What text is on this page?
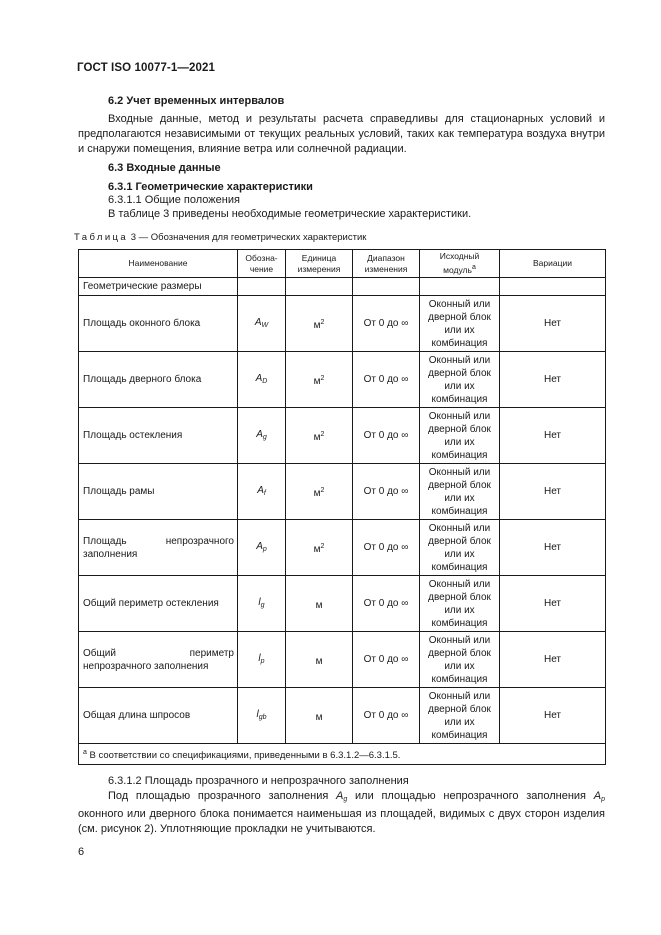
ГОСТ ISO 10077-1—2021
6.2 Учет временных интервалов
Входные данные, метод и результаты расчета справедливы для стационарных условий и предполагаются независимыми от текущих реальных условий, таких как температура воздуха внутри и снаружи помещения, влияние ветра или солнечной радиации.
6.3 Входные данные
6.3.1 Геометрические характеристики
6.3.1.1 Общие положения
В таблице 3 приведены необходимые геометрические характеристики.
Таблица 3 — Обозначения для геометрических характеристик
Наименование	Обозна-чение	Единица измерения	Диапазон изменения	Исходный модуль$^a$	Вариации
Геометрические размеры					
Площадь оконного блока	$A_W$	$м^2$	От 0 до ∞	Оконный или дверной блок или их комбинация	Нет
Площадь дверного блока	$A_D$	$м^2$	От 0 до ∞	Оконный или дверной блок или их комбинация	Нет
Площадь остекления	$A_g$	$м^2$	От 0 до ∞	Оконный или дверной блок или их комбинация	Нет
Площадь рамы	$A_f$	$м^2$	От 0 до ∞	Оконный или дверной блок или их комбинация	Нет
Площадь непрозрачного заполнения	$A_p$	$м^2$	От 0 до ∞	Оконный или дверной блок или их комбинация	Нет
Общий периметр остекления	$l_g$	м	От 0 до ∞	Оконный или дверной блок или их комбинация	Нет
Общий периметр непрозрачного заполнения	$l_p$	м	От 0 до ∞	Оконный или дверной блок или их комбинация	Нет
Общая длина шпросов	$l_{gb}$	м	От 0 до ∞	Оконный или дверной блок или их комбинация	Нет
$^a$ В соответствии со спецификациями, приведенными в 6.3.1.2—6.3.1.5.					
6.3.1.2 Площадь прозрачного и непрозрачного заполнения
Под площадью прозрачного заполнения $A_g$ или площадью непрозрачного заполнения $A_p$ оконного или дверного блока понимается наименьшая из площадей, видимых с двух сторон изделия (см. рисунок 2). Уплотняющие прокладки не учитываются.
6
